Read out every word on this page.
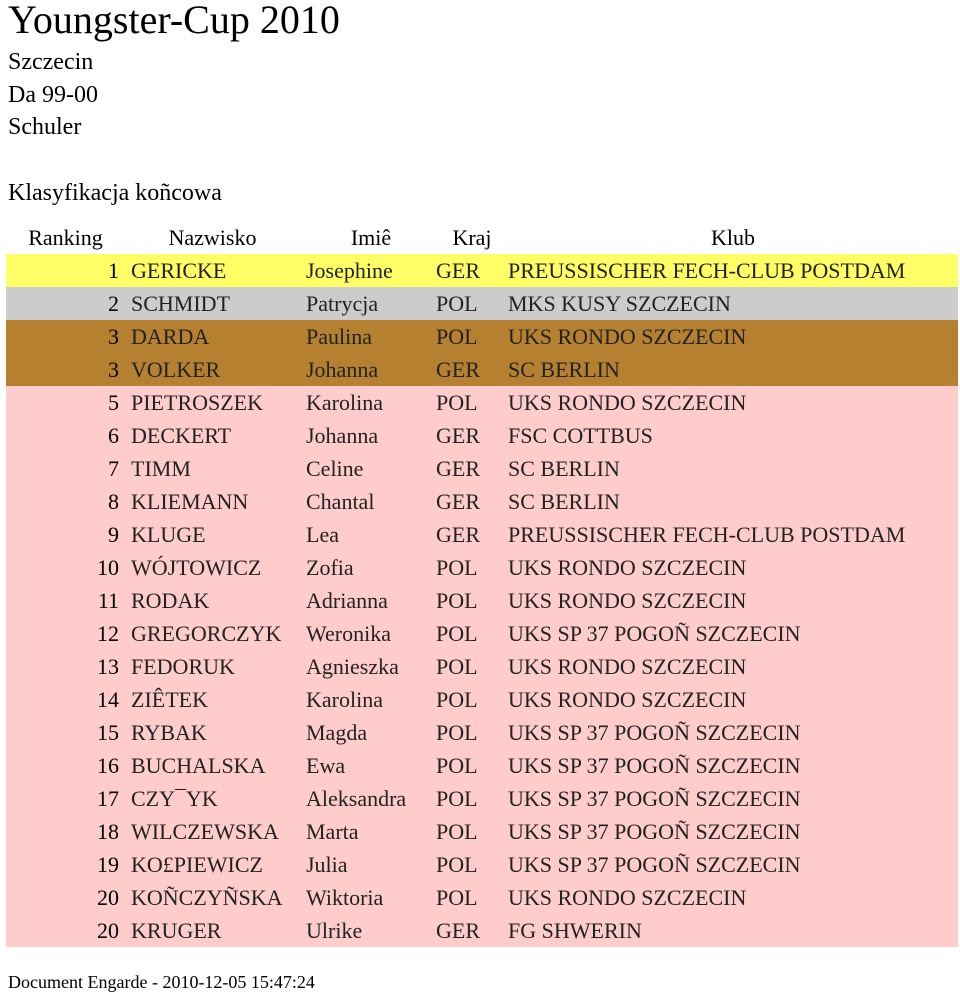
Youngster-Cup 2010
Szczecin
Da 99-00
Schuler
Klasyfikacja koñcowa
Ranking	Nazwisko	Imiê	Kraj	Klub
1	GERICKE	Josephine	GER	PREUSSISCHER FECH-CLUB POSTDAM
2	SCHMIDT	Patrycja	POL	MKS KUSY SZCZECIN
3	DARDA	Paulina	POL	UKS RONDO SZCZECIN
3	VOLKER	Johanna	GER	SC BERLIN
5	PIETROSZEK	Karolina	POL	UKS RONDO SZCZECIN
6	DECKERT	Johanna	GER	FSC COTTBUS
7	TIMM	Celine	GER	SC BERLIN
8	KLIEMANN	Chantal	GER	SC BERLIN
9	KLUGE	Lea	GER	PREUSSISCHER FECH-CLUB POSTDAM
10	WÓJTOWICZ	Zofia	POL	UKS RONDO SZCZECIN
11	RODAK	Adrianna	POL	UKS RONDO SZCZECIN
12	GREGORCZYK	Weronika	POL	UKS SP 37 POGOÑ SZCZECIN
13	FEDORUK	Agnieszka	POL	UKS RONDO SZCZECIN
14	ZIÊTEK	Karolina	POL	UKS RONDO SZCZECIN
15	RYBAK	Magda	POL	UKS SP 37 POGOÑ SZCZECIN
16	BUCHALSKA	Ewa	POL	UKS SP 37 POGOÑ SZCZECIN
17	CZY¯YK	Aleksandra	POL	UKS SP 37 POGOÑ SZCZECIN
18	WILCZEWSKA	Marta	POL	UKS SP 37 POGOÑ SZCZECIN
19	KO£PIEWICZ	Julia	POL	UKS SP 37 POGOÑ SZCZECIN
20	KOÑCZYÑSKA	Wiktoria	POL	UKS RONDO SZCZECIN
20	KRUGER	Ulrike	GER	FG SHWERIN
Document Engarde - 2010-12-05 15:47:24
